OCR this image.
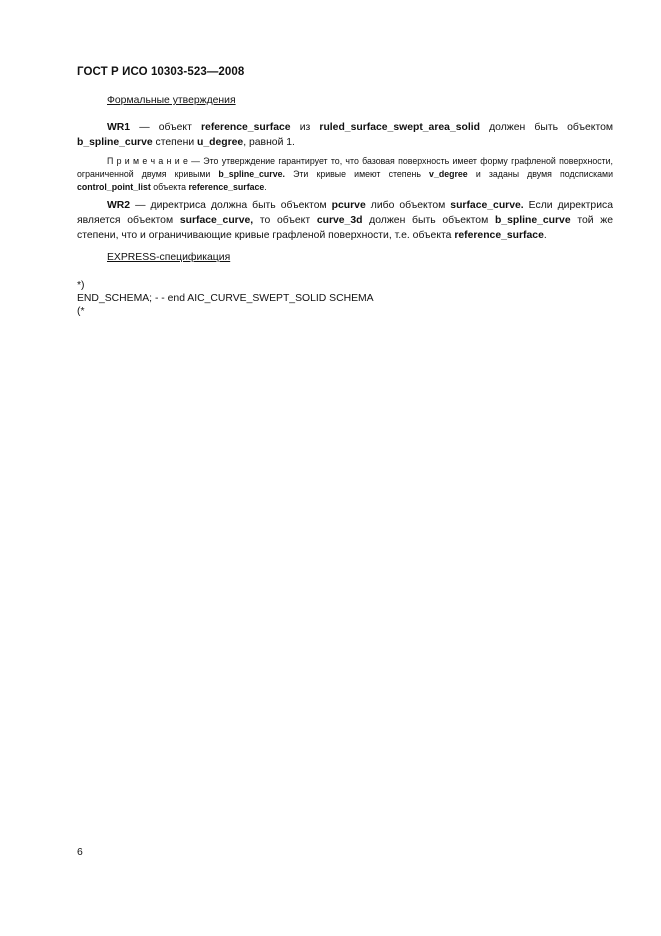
ГОСТ Р ИСО 10303-523—2008

Формальные утверждения

WR1 — объект reference_surface из ruled_surface_swept_area_solid должен быть объектом b_spline_curve степени u_degree, равной 1.

П р и м е ч а н и е — Это утверждение гарантирует то, что базовая поверхность имеет форму графленой поверхности, ограниченной двумя кривыми b_spline_curve. Эти кривые имеют степень v_degree и заданы двумя подсписками control_point_list объекта reference_surface.

WR2 — директриса должна быть объектом pcurve либо объектом surface_curve. Если директриса является объектом surface_curve, то объект curve_3d должен быть объектом b_spline_curve той же степени, что и ограничивающие кривые графленой поверхности, т.е. объекта reference_surface.

EXPRESS-спецификация

*)

END_SCHEMA; - - end AIC_CURVE_SWEPT_SOLID SCHEMA

(*

6
